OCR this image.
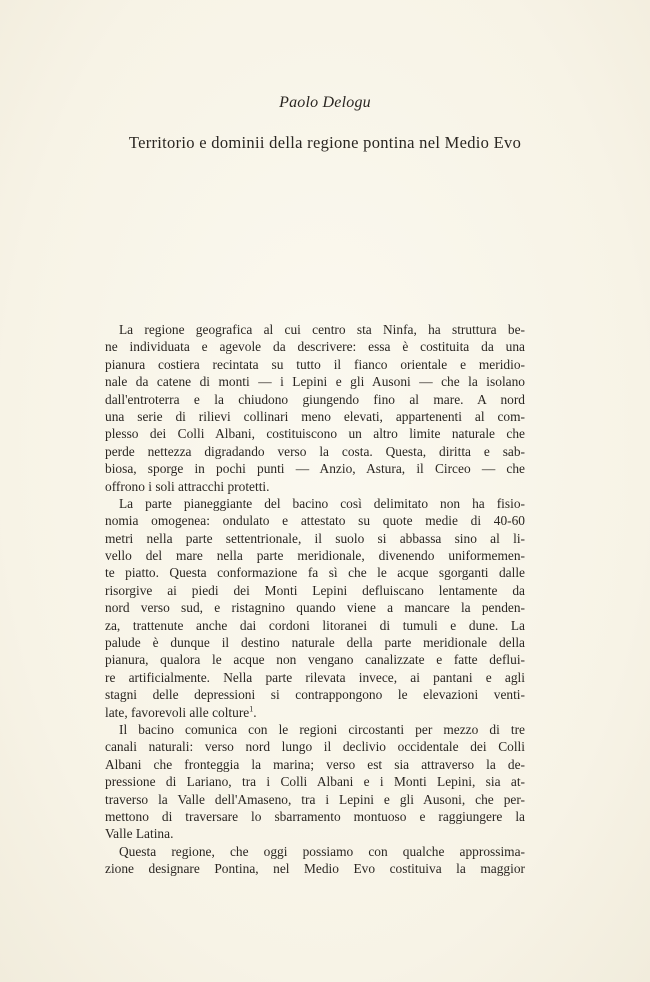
Paolo Delogu
Territorio e dominii della regione pontina nel Medio Evo
La regione geografica al cui centro sta Ninfa, ha struttura be-
ne individuata e agevole da descrivere: essa è costituita da una
pianura costiera recintata su tutto il fianco orientale e meridio-
nale da catene di monti — i Lepini e gli Ausoni — che la isolano
dall'entroterra e la chiudono giungendo fino al mare. A nord
una serie di rilievi collinari meno elevati, appartenenti al com-
plesso dei Colli Albani, costituiscono un altro limite naturale che
perde nettezza digradando verso la costa. Questa, diritta e sab-
biosa, sporge in pochi punti — Anzio, Astura, il Circeo — che
offrono i soli attracchi protetti.
La parte pianeggiante del bacino così delimitato non ha fisio-
nomia omogenea: ondulato e attestato su quote medie di 40-60
metri nella parte settentrionale, il suolo si abbassa sino al li-
vello del mare nella parte meridionale, divenendo uniformemen-
te piatto. Questa conformazione fa sì che le acque sgorganti dalle
risorgive ai piedi dei Monti Lepini defluiscano lentamente da
nord verso sud, e ristagnino quando viene a mancare la penden-
za, trattenute anche dai cordoni litoranei di tumuli e dune. La
palude è dunque il destino naturale della parte meridionale della
pianura, qualora le acque non vengano canalizzate e fatte deflui-
re artificialmente. Nella parte rilevata invece, ai pantani e agli
stagni delle depressioni si contrappongono le elevazioni venti-
late, favorevoli alle colture$^1$.
Il bacino comunica con le regioni circostanti per mezzo di tre
canali naturali: verso nord lungo il declivio occidentale dei Colli
Albani che fronteggia la marina; verso est sia attraverso la de-
pressione di Lariano, tra i Colli Albani e i Monti Lepini, sia at-
traverso la Valle dell'Amaseno, tra i Lepini e gli Ausoni, che per-
mettono di traversare lo sbarramento montuoso e raggiungere la
Valle Latina.
Questa regione, che oggi possiamo con qualche approssima-
zione designare Pontina, nel Medio Evo costituiva la maggior
